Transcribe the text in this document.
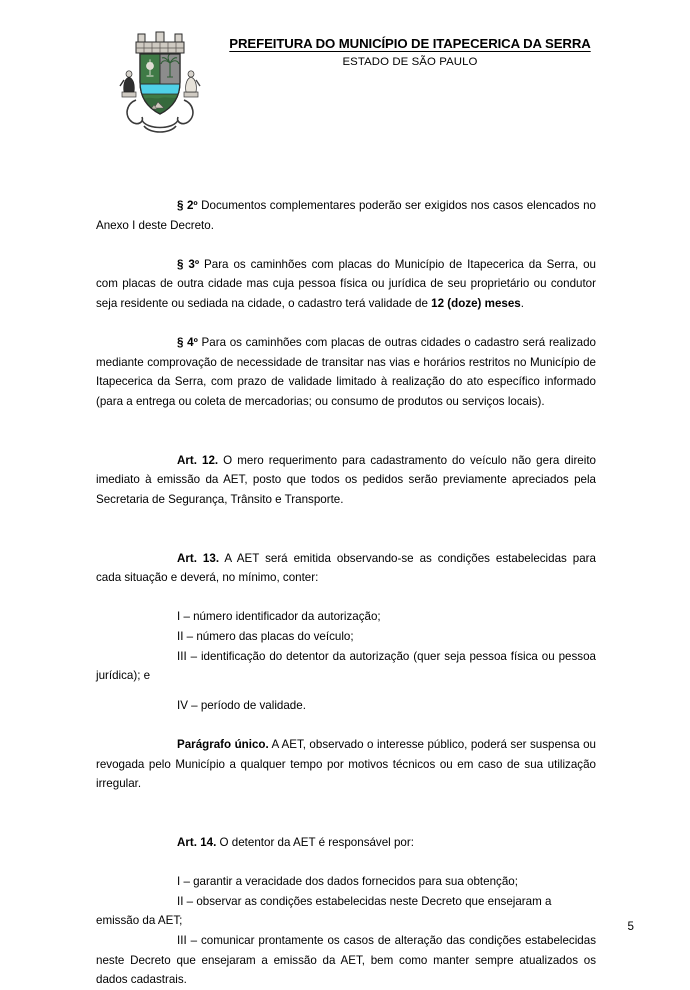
PREFEITURA DO MUNICÍPIO DE ITAPECERICA DA SERRA
ESTADO DE SÃO PAULO

§ 2º Documentos complementares poderão ser exigidos nos casos elencados no Anexo I deste Decreto.

§ 3º Para os caminhões com placas do Município de Itapecerica da Serra, ou com placas de outra cidade mas cuja pessoa física ou jurídica de seu proprietário ou condutor seja residente ou sediada na cidade, o cadastro terá validade de 12 (doze) meses.

§ 4º Para os caminhões com placas de outras cidades o cadastro será realizado mediante comprovação de necessidade de transitar nas vias e horários restritos no Município de Itapecerica da Serra, com prazo de validade limitado à realização do ato específico informado (para a entrega ou coleta de mercadorias; ou consumo de produtos ou serviços locais).

Art. 12. O mero requerimento para cadastramento do veículo não gera direito imediato à emissão da AET, posto que todos os pedidos serão previamente apreciados pela Secretaria de Segurança, Trânsito e Transporte.

Art. 13. A AET será emitida observando-se as condições estabelecidas para cada situação e deverá, no mínimo, conter:

I – número identificador da autorização;

II – número das placas do veículo;

III – identificação do detentor da autorização (quer seja pessoa física ou pessoa jurídica); e

IV – período de validade.

Parágrafo único. A AET, observado o interesse público, poderá ser suspensa ou revogada pelo Município a qualquer tempo por motivos técnicos ou em caso de sua utilização irregular.

Art. 14. O detentor da AET é responsável por:

I – garantir a veracidade dos dados fornecidos para sua obtenção;

II – observar as condições estabelecidas neste Decreto que ensejaram a emissão da AET;

III – comunicar prontamente os casos de alteração das condições estabelecidas neste Decreto que ensejaram a emissão da AET, bem como manter sempre atualizados os dados cadastrais.

5
